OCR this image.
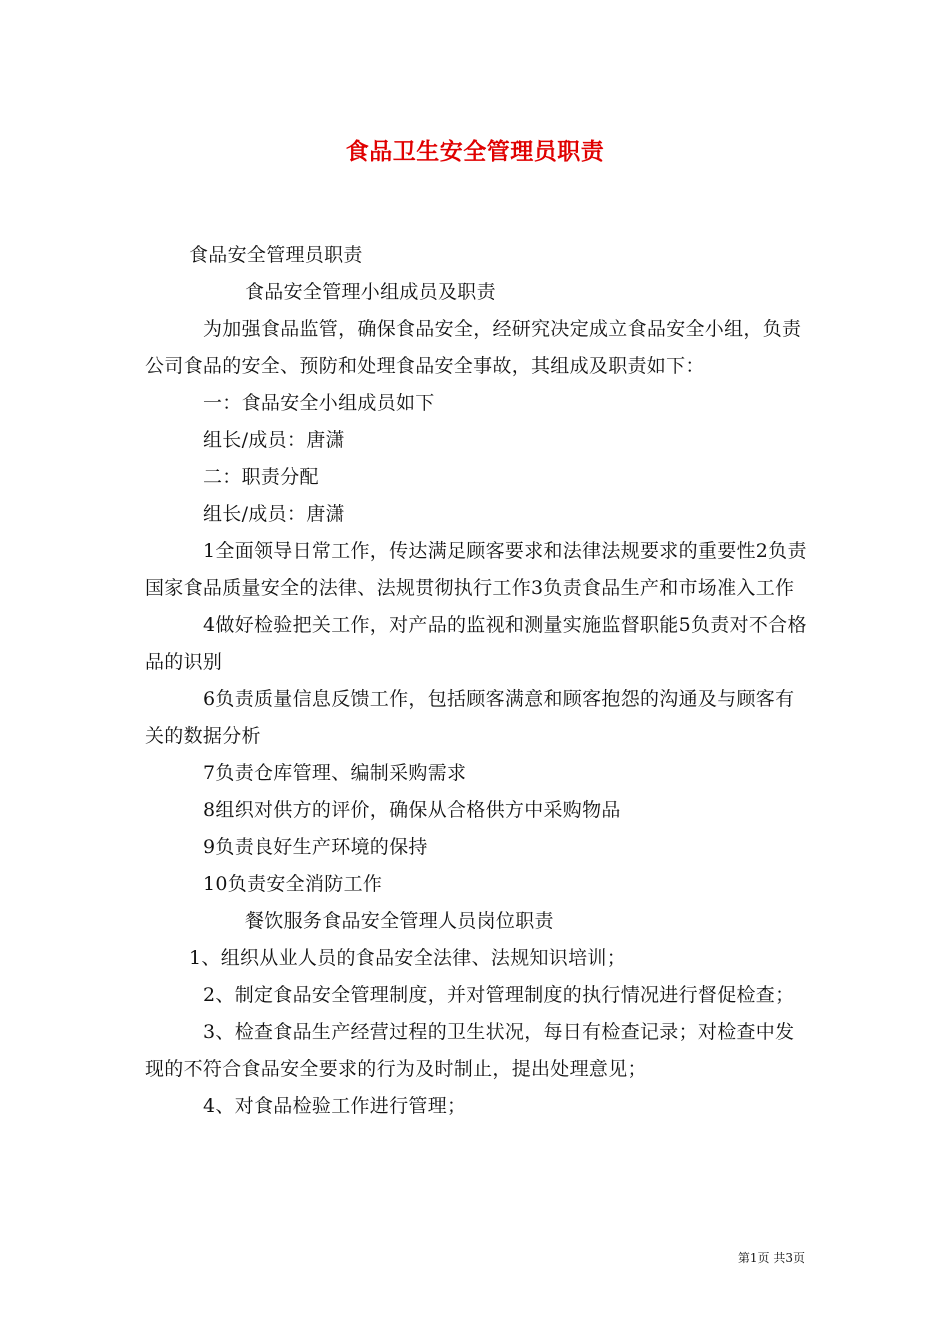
食品卫生安全管理员职责

食品安全管理员职责

食品安全管理小组成员及职责

为加强食品监管，确保食品安全，经研究决定成立食品安全小组，负责公司食品的安全、预防和处理食品安全事故，其组成及职责如下：

一：食品安全小组成员如下

组长/成员：唐潇

二：职责分配

组长/成员：唐潇

1全面领导日常工作，传达满足顾客要求和法律法规要求的重要性2负责国家食品质量安全的法律、法规贯彻执行工作3负责食品生产和市场准入工作

4做好检验把关工作，对产品的监视和测量实施监督职能5负责对不合格品的识别

6负责质量信息反馈工作，包括顾客满意和顾客抱怨的沟通及与顾客有关的数据分析

7负责仓库管理、编制采购需求

8组织对供方的评价，确保从合格供方中采购物品

9负责良好生产环境的保持

10负责安全消防工作

餐饮服务食品安全管理人员岗位职责

1、组织从业人员的食品安全法律、法规知识培训；

2、制定食品安全管理制度，并对管理制度的执行情况进行督促检查；

3、检查食品生产经营过程的卫生状况，每日有检查记录；对检查中发现的不符合食品安全要求的行为及时制止，提出处理意见；

4、对食品检验工作进行管理；

第1页 共3页
